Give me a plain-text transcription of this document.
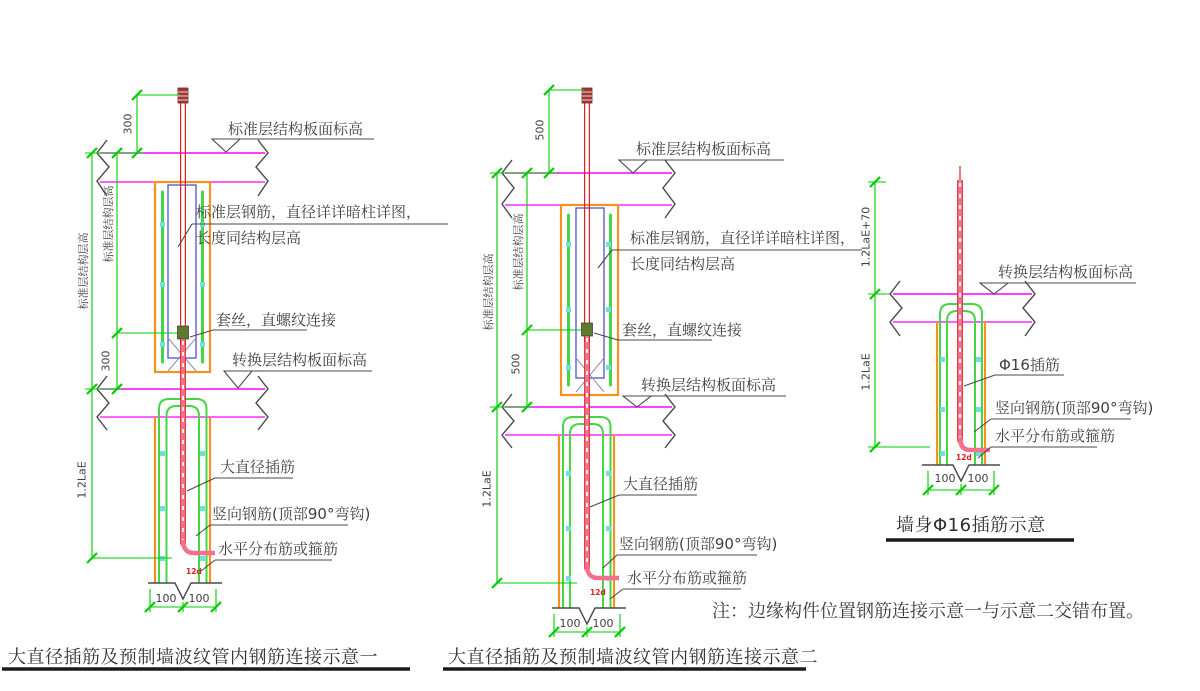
标准层结构板面标高
标准层钢筋，直径详详暗柱详图，
长度同结构层高
套丝，直螺纹连接
转换层结构板面标高
大直径插筋
竖向钢筋(顶部90°弯钩)
水平分布筋或箍筋
300
标准层结构层高
标准层结构层高
300
1.2LaE
100 100
12d
大直径插筋及预制墙波纹管内钢筋连接示意一
标准层结构板面标高
标准层钢筋，直径详详暗柱详图，
长度同结构层高
套丝，直螺纹连接
转换层结构板面标高
大直径插筋
竖向钢筋(顶部90°弯钩)
水平分布筋或箍筋
500
标准层结构层高
标准层结构层高
500
1.2LaE
100 100
12d
大直径插筋及预制墙波纹管内钢筋连接示意二
转换层结构板面标高
Φ16插筋
竖向钢筋(顶部90°弯钩)
水平分布筋或箍筋
1.2LaE+70
1.2LaE
100 100
12d
墙身Φ16插筋示意
注：边缘构件位置钢筋连接示意一与示意二交错布置。
